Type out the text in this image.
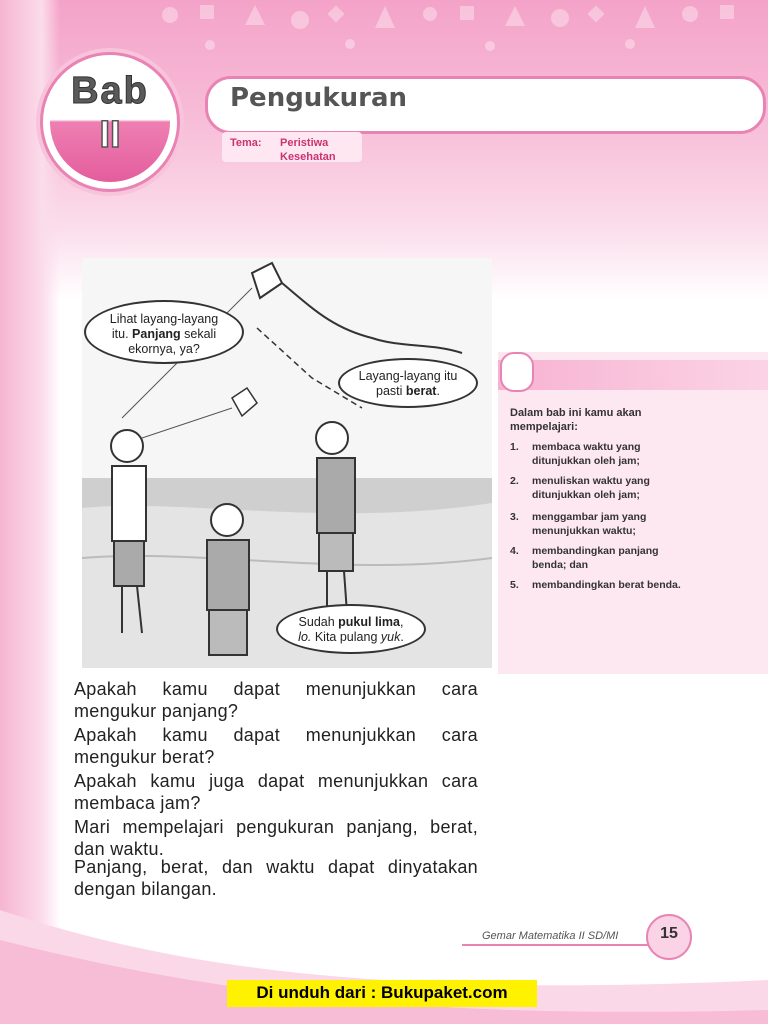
Bab
II
Pengukuran
Tema: Peristiwa
Kesehatan
Lihat layang-layang
itu. Panjang sekali
ekornya, ya?
Layang-layang itu
pasti berat.
Sudah pukul lima,
lo. Kita pulang yuk.
Dalam bab ini kamu akan mempelajari:
1.	membaca waktu yang ditunjukkan oleh jam;
2.	menuliskan waktu yang ditunjukkan oleh jam;
3.	menggambar jam yang menunjukkan waktu;
4.	membandingkan panjang benda; dan
5.	membandingkan berat benda.
Apakah kamu dapat menunjukkan cara mengukur panjang?
Apakah kamu dapat menunjukkan cara mengukur berat?
Apakah kamu juga dapat menunjukkan cara membaca jam?
Mari mempelajari pengukuran panjang, berat, dan waktu.
Panjang, berat, dan waktu dapat dinyatakan dengan bilangan.
Gemar Matematika II SD/MI	15
Di unduh dari : Bukupaket.com
